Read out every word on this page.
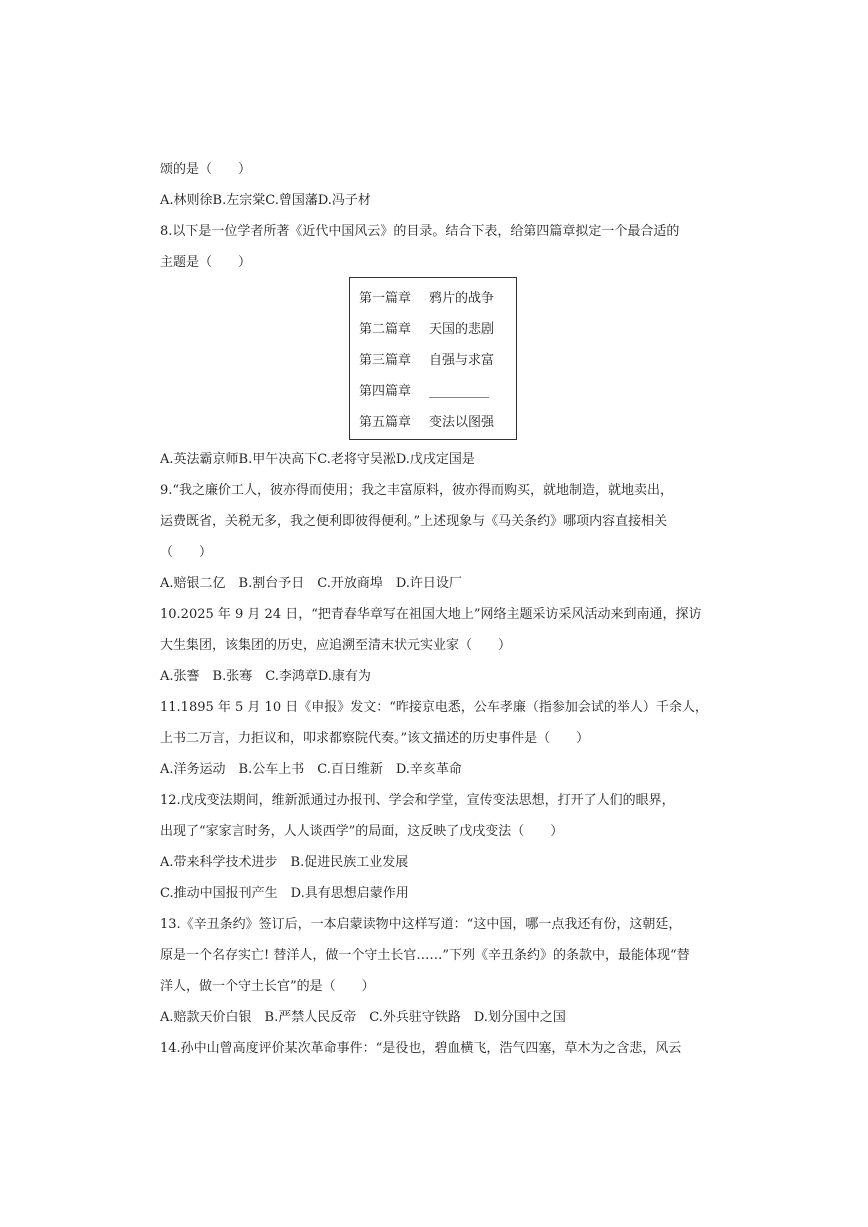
颂的是（　　）
A.林则徐B.左宗棠C.曾国藩D.冯子材
8.以下是一位学者所著《近代中国风云》的目录。结合下表，给第四篇章拟定一个最合适的
主题是（　　）
第一篇章 鸦片的战争
第二篇章 天国的悲剧
第三篇章 自强与求富
第四篇章
第五篇章 变法以图强
A.英法霸京师B.甲午决高下C.老将守吴淞D.戊戌定国是
9.“我之廉价工人，彼亦得而使用；我之丰富原料，彼亦得而购买，就地制造，就地卖出，
运费既省，关税无多，我之便利即彼得便利。”上述现象与《马关条约》哪项内容直接相关
（　　）
A.赔银二亿　B.割台予日　C.开放商埠　D.许日设厂
10.2025 年 9 月 24 日，“把青春华章写在祖国大地上”网络主题采访采风活动来到南通，探访
大生集团，该集团的历史，应追溯至清末状元实业家（　　）
A.张謇　B.张骞　C.李鸿章D.康有为
11.1895 年 5 月 10 日《申报》发文：“昨接京电悉，公车孝廉（指参加会试的举人）千余人，
上书二万言，力拒议和，叩求都察院代奏。”该文描述的历史事件是（　　）
A.洋务运动　B.公车上书　C.百日维新　D.辛亥革命
12.戊戌变法期间，维新派通过办报刊、学会和学堂，宣传变法思想，打开了人们的眼界，
出现了“家家言时务，人人谈西学”的局面，这反映了戊戌变法（　　）
A.带来科学技术进步　B.促进民族工业发展
C.推动中国报刊产生　D.具有思想启蒙作用
13.《辛丑条约》签订后，一本启蒙读物中这样写道：“这中国，哪一点我还有份，这朝廷，
原是一个名存实亡! 替洋人，做一个守土长官……”下列《辛丑条约》的条款中，最能体现“替
洋人，做一个守土长官”的是（　　）
A.赔款天价白银　B.严禁人民反帝　C.外兵驻守铁路　D.划分国中之国
14.孙中山曾高度评价某次革命事件：“是役也，碧血横飞，浩气四塞，草木为之含悲，风云
